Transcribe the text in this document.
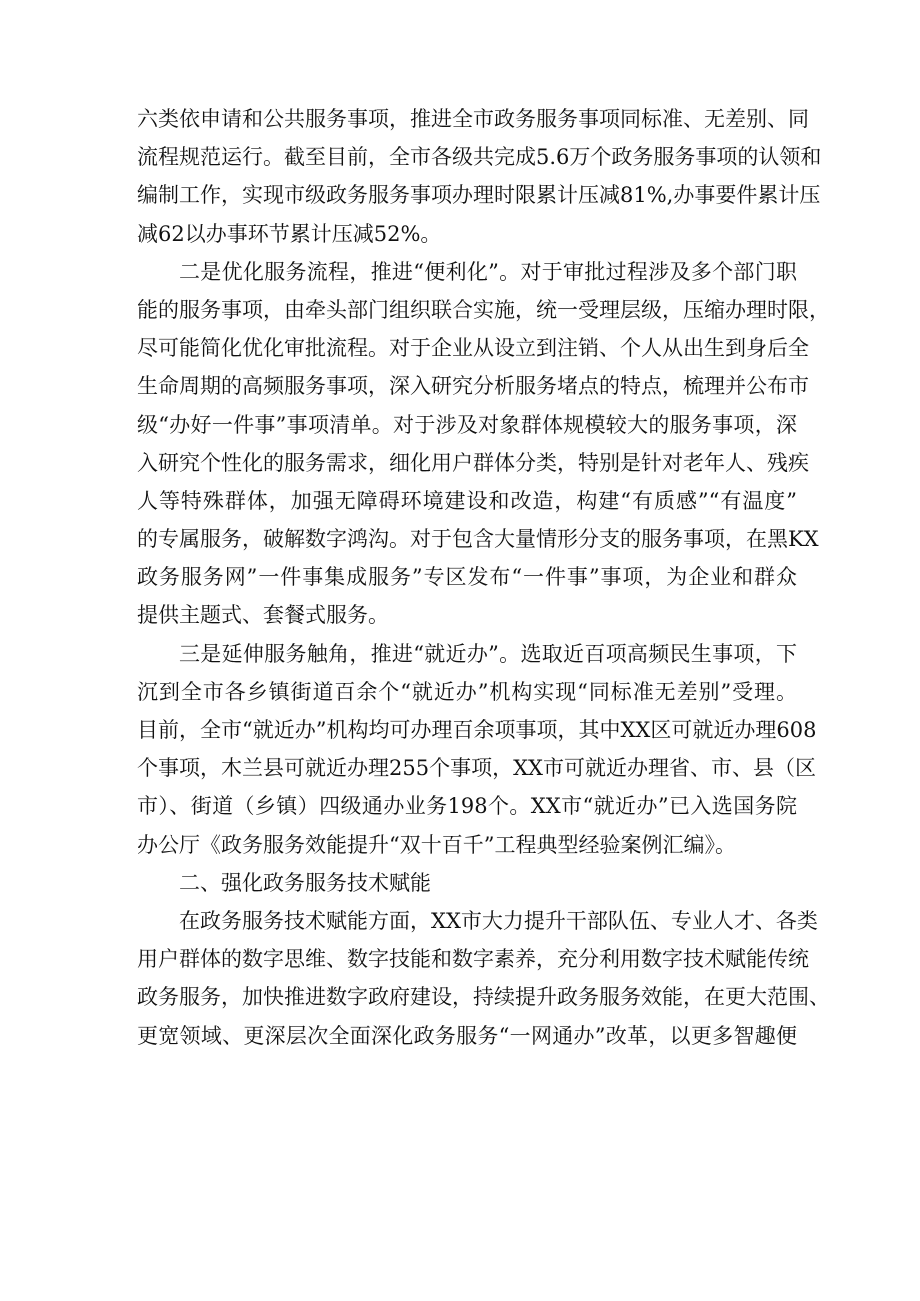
六类依申请和公共服务事项，推进全市政务服务事项同标准、无差别、同
流程规范运行。截至目前，全市各级共完成5.6万个政务服务事项的认领和
编制工作，实现市级政务服务事项办理时限累计压减81%,办事要件累计压
减62以办事环节累计压减52%。
二是优化服务流程，推进“便利化”。对于审批过程涉及多个部门职
能的服务事项，由牵头部门组织联合实施，统一受理层级，压缩办理时限，
尽可能简化优化审批流程。对于企业从设立到注销、个人从出生到身后全
生命周期的高频服务事项，深入研究分析服务堵点的特点，梳理并公布市
级“办好一件事”事项清单。对于涉及对象群体规模较大的服务事项，深
入研究个性化的服务需求，细化用户群体分类，特别是针对老年人、残疾
人等特殊群体，加强无障碍环境建设和改造，构建“有质感”“有温度”
的专属服务，破解数字鸿沟。对于包含大量情形分支的服务事项，在黑KX
政务服务网”一件事集成服务”专区发布“一件事”事项，为企业和群众
提供主题式、套餐式服务。
三是延伸服务触角，推进“就近办”。选取近百项高频民生事项，下
沉到全市各乡镇街道百余个“就近办”机构实现“同标准无差别”受理。
目前，全市“就近办”机构均可办理百余项事项，其中XX区可就近办理608
个事项，木兰县可就近办理255个事项，XX市可就近办理省、市、县（区
市）、街道（乡镇）四级通办业务198个。XX市“就近办”已入选国务院
办公厅《政务服务效能提升“双十百千”工程典型经验案例汇编》。
二、强化政务服务技术赋能
在政务服务技术赋能方面，XX市大力提升干部队伍、专业人才、各类
用户群体的数字思维、数字技能和数字素养，充分利用数字技术赋能传统
政务服务，加快推进数字政府建设，持续提升政务服务效能，在更大范围、
更宽领域、更深层次全面深化政务服务“一网通办”改革，以更多智趣便
